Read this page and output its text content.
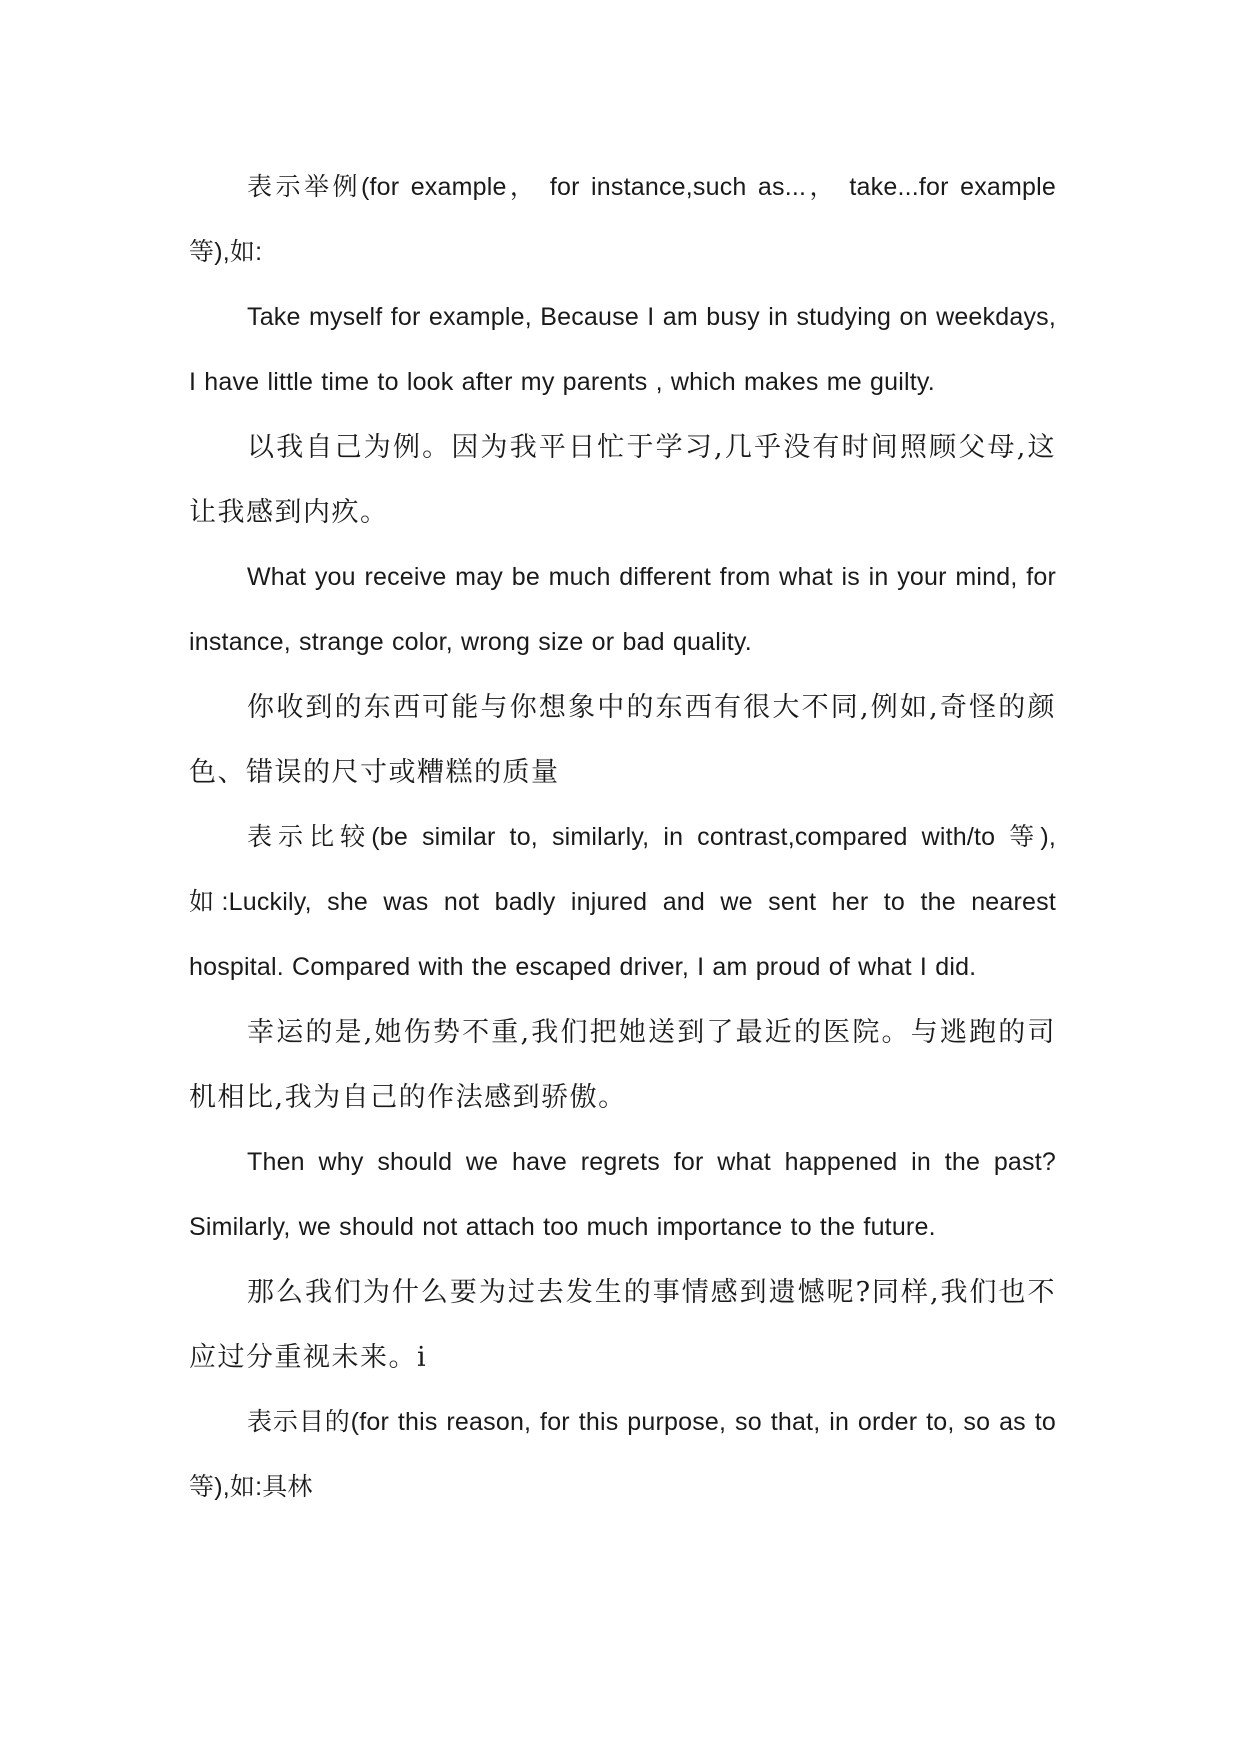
表示举例(for example， for instance,such as...， take...for example 等),如:

Take myself for example, Because I am busy in studying on weekdays, I have little time to look after my parents , which makes me guilty.

以我自己为例。因为我平日忙于学习,几乎没有时间照顾父母,这让我感到内疚。

What you receive may be much different from what is in your mind, for instance, strange color, wrong size or bad quality.

你收到的东西可能与你想象中的东西有很大不同,例如,奇怪的颜色、错误的尺寸或糟糕的质量

表示比较(be similar to, similarly, in contrast,compared with/to 等),如:Luckily, she was not badly injured and we sent her to the nearest hospital. Compared with the escaped driver, I am proud of what I did.

幸运的是,她伤势不重,我们把她送到了最近的医院。与逃跑的司机相比,我为自己的作法感到骄傲。

Then why should we have regrets for what happened in the past? Similarly, we should not attach too much importance to the future.

那么我们为什么要为过去发生的事情感到遗憾呢?同样,我们也不应过分重视未来。i

表示目的(for this reason, for this purpose, so that, in order to, so as to 等),如:具林
